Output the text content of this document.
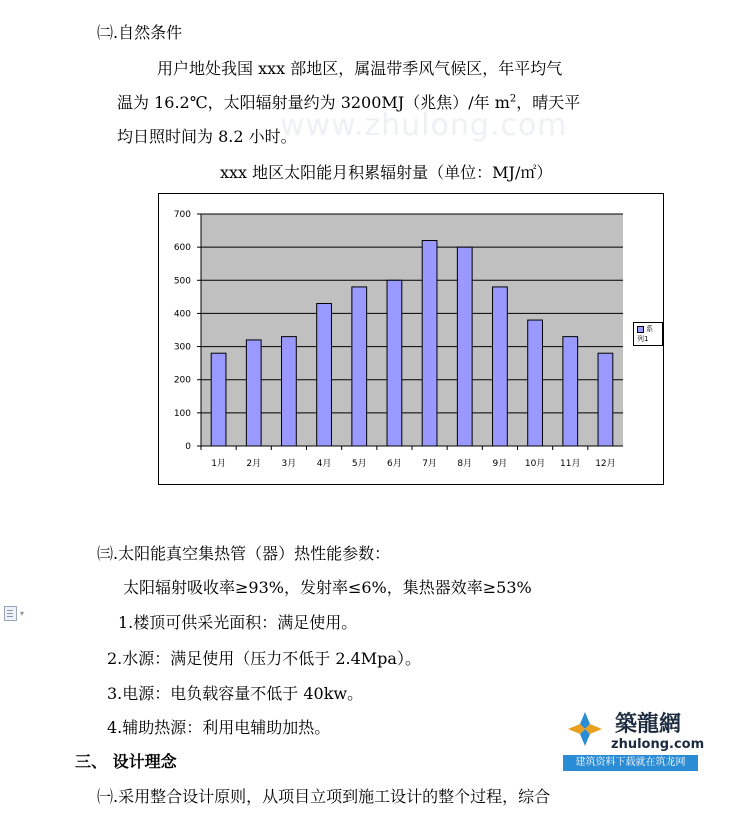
www.zhulong.com
㈡.自然条件
用户地处我国 xxx 部地区，属温带季风气候区，年平均气
温为 16.2℃，太阳辐射量约为 3200MJ（兆焦）/年 $m^2$，晴天平
均日照时间为 8.2 小时。
xxx 地区太阳能月积累辐射量（单位：MJ/㎡）
0
100
200
300
400
500
600
700
1月 2月 3月 4月 5月 6月 7月 8月 9月 10月 11月 12月
系列1
㈢.太阳能真空集热管（器）热性能参数：
太阳辐射吸收率≥93%，发射率≤6%，集热器效率≥53%
▾	1.楼顶可供采光面积：满足使用。
2.水源：满足使用（压力不低于 2.4Mpa）。
3.电源：电负载容量不低于 40kw。
4.辅助热源：利用电辅助加热。
三、 设计理念
㈠.采用整合设计原则，从项目立项到施工设计的整个过程，综合
築龍網
zhulong.com
建筑资料下载就在筑龙网
